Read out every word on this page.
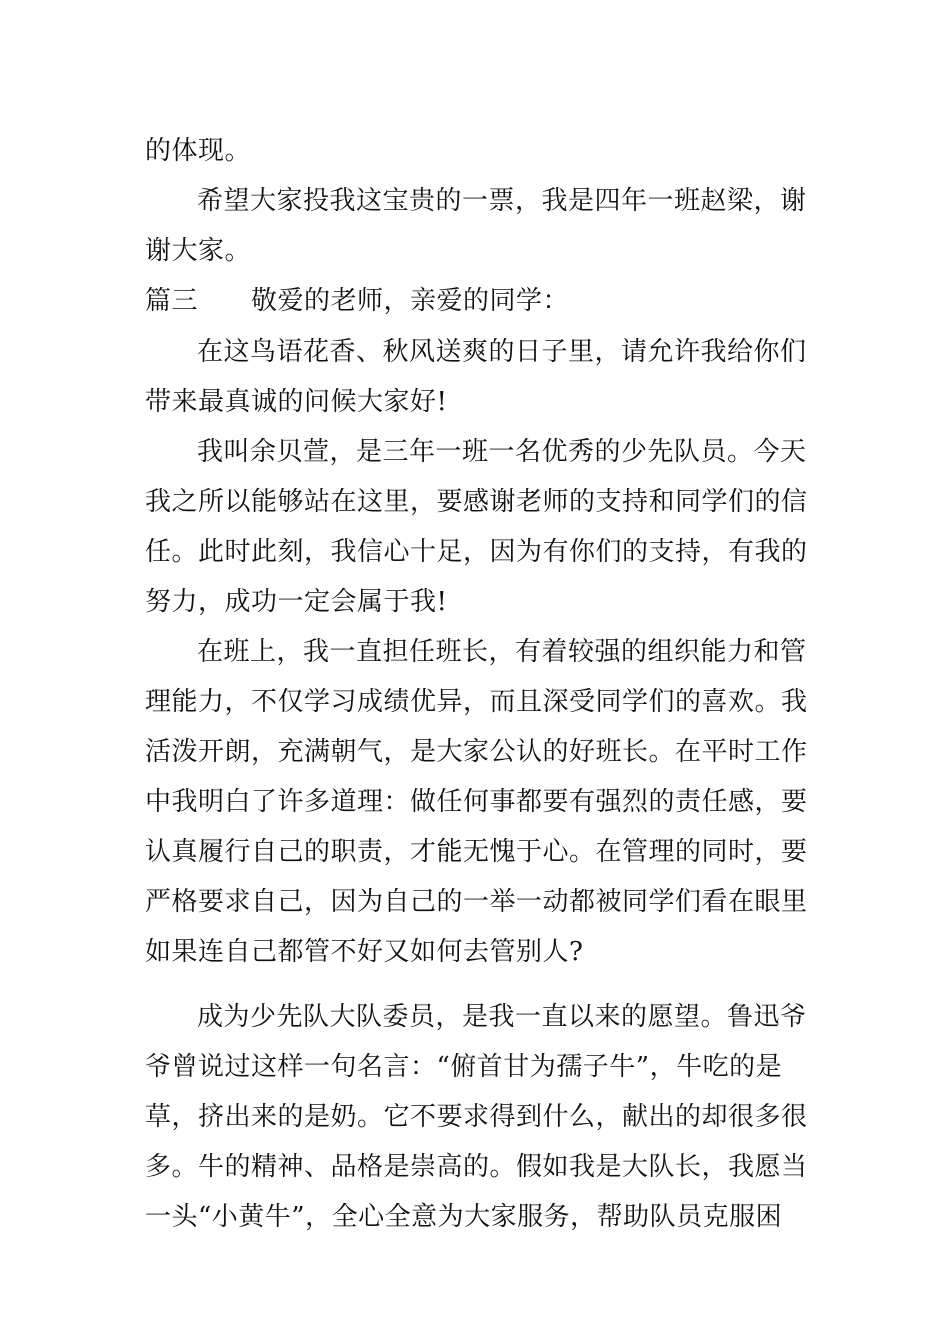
的体现。
希望大家投我这宝贵的一票，我是四年一班赵梁，谢
谢大家。
篇三　　敬爱的老师，亲爱的同学：
在这鸟语花香、秋风送爽的日子里，请允许我给你们
带来最真诚的问候大家好!
我叫余贝萱，是三年一班一名优秀的少先队员。今天
我之所以能够站在这里，要感谢老师的支持和同学们的信
任。此时此刻，我信心十足，因为有你们的支持，有我的
努力，成功一定会属于我!
在班上，我一直担任班长，有着较强的组织能力和管
理能力，不仅学习成绩优异，而且深受同学们的喜欢。我
活泼开朗，充满朝气，是大家公认的好班长。在平时工作
中我明白了许多道理：做任何事都要有强烈的责任感，要
认真履行自己的职责，才能无愧于心。在管理的同时，要
严格要求自己，因为自己的一举一动都被同学们看在眼里
如果连自己都管不好又如何去管别人?
成为少先队大队委员，是我一直以来的愿望。鲁迅爷
爷曾说过这样一句名言：“俯首甘为孺子牛”，牛吃的是
草，挤出来的是奶。它不要求得到什么，献出的却很多很
多。牛的精神、品格是崇高的。假如我是大队长，我愿当
一头“小黄牛”，全心全意为大家服务，帮助队员克服困
